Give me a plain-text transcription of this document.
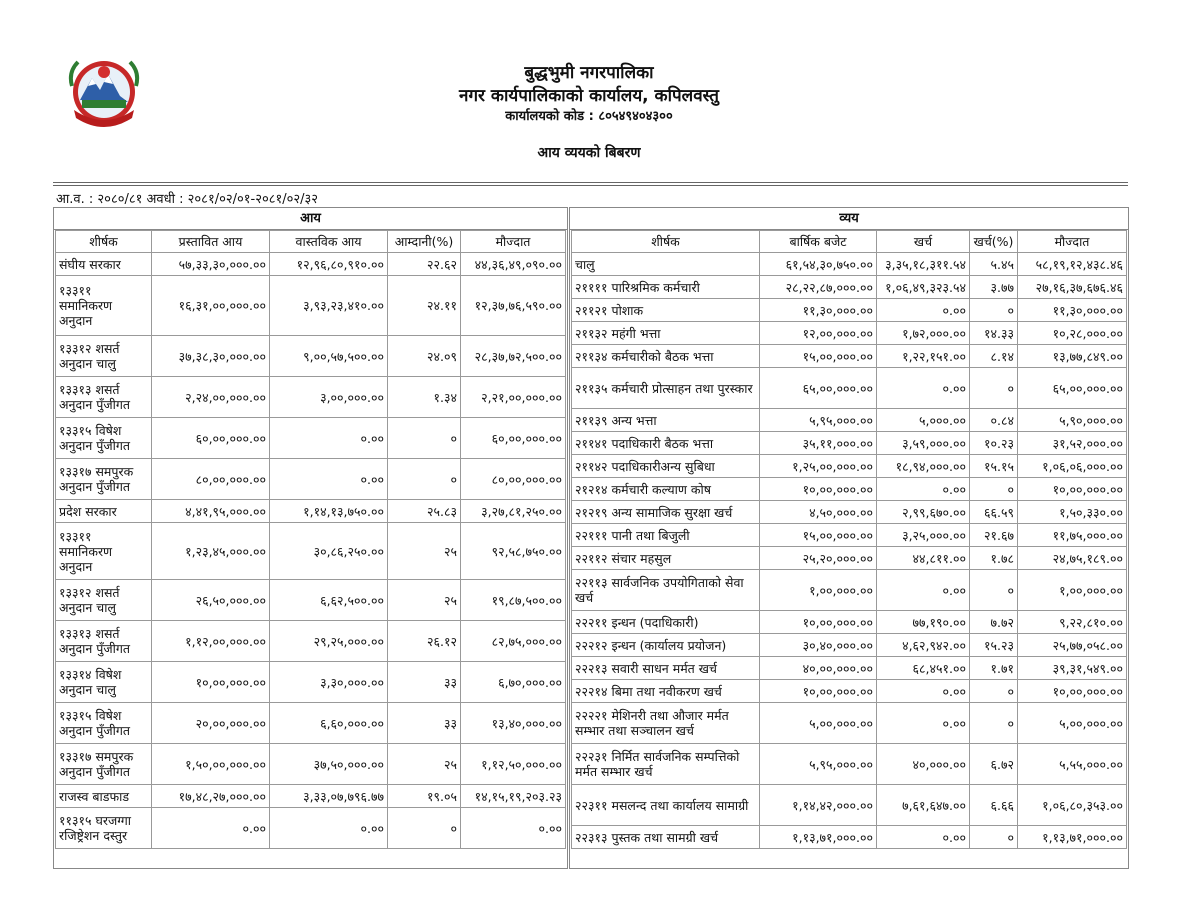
बुद्धभुमी नगरपालिका
नगर कार्यपालिकाको कार्यालय, कपिलवस्तु
कार्यालयको कोड : ८०५४९४०४३००
आय व्ययको बिबरण
आ.व. : २०८०/८१ अवधी : २०८१/०२/०१-२०८१/०२/३२
आय
शीर्षक	प्रस्तावित आय	वास्तविक आय	आम्दानी(%)	मौज्दात
संघीय सरकार	५७,३३,३०,०००.००	१२,९६,८०,९१०.००	२२.६२	४४,३६,४९,०९०.००
१३३११ समानिकरण अनुदान	१६,३१,००,०००.००	३,९३,२३,४१०.००	२४.११	१२,३७,७६,५९०.००
१३३१२ शसर्त अनुदान चालु	३७,३८,३०,०००.००	९,००,५७,५००.००	२४.०९	२८,३७,७२,५००.००
१३३१३ शसर्त अनुदान पुँजीगत	२,२४,००,०००.००	३,००,०००.००	१.३४	२,२१,००,०००.००
१३३१५ विषेश अनुदान पुँजीगत	६०,००,०००.००	०.००	०	६०,००,०००.००
१३३१७ समपुरक अनुदान पुँजीगत	८०,००,०००.००	०.००	०	८०,००,०००.००
प्रदेश सरकार	४,४१,९५,०००.००	१,१४,१३,७५०.००	२५.८३	३,२७,८१,२५०.००
१३३११ समानिकरण अनुदान	१,२३,४५,०००.००	३०,८६,२५०.००	२५	९२,५८,७५०.००
१३३१२ शसर्त अनुदान चालु	२६,५०,०००.००	६,६२,५००.००	२५	१९,८७,५००.००
१३३१३ शसर्त अनुदान पुँजीगत	१,१२,००,०००.००	२९,२५,०००.००	२६.१२	८२,७५,०००.००
१३३१४ विषेश अनुदान चालु	१०,००,०००.००	३,३०,०००.००	३३	६,७०,०००.००
१३३१५ विषेश अनुदान पुँजीगत	२०,००,०००.००	६,६०,०००.००	३३	१३,४०,०००.००
१३३१७ समपुरक अनुदान पुँजीगत	१,५०,००,०००.००	३७,५०,०००.००	२५	१,१२,५०,०००.००
राजस्व बाडफाड	१७,४८,२७,०००.००	३,३३,०७,७९६.७७	१९.०५	१४,१५,१९,२०३.२३
११३१५ घरजग्गा रजिष्ट्रेशन दस्तुर	०.००	०.००	०	०.००
व्यय
शीर्षक	बार्षिक बजेट	खर्च	खर्च(%)	मौज्दात
चालु	६१,५४,३०,७५०.००	३,३५,१८,३११.५४	५.४५	५८,१९,१२,४३८.४६
२११११ पारिश्रमिक कर्मचारी	२८,२२,८७,०००.००	१,०६,४९,३२३.५४	३.७७	२७,१६,३७,६७६.४६
२११२१ पोशाक	११,३०,०००.००	०.००	०	११,३०,०००.००
२११३२ महंगी भत्ता	१२,००,०००.००	१,७२,०००.००	१४.३३	१०,२८,०००.००
२११३४ कर्मचारीको बैठक भत्ता	१५,००,०००.००	१,२२,१५१.००	८.१४	१३,७७,८४९.००
२११३५ कर्मचारी प्रोत्साहन तथा पुरस्कार	६५,००,०००.००	०.००	०	६५,००,०००.००
२११३९ अन्य भत्ता	५,९५,०००.००	५,०००.००	०.८४	५,९०,०००.००
२११४१ पदाधिकारी बैठक भत्ता	३५,११,०००.००	३,५९,०००.००	१०.२३	३१,५२,०००.००
२११४२ पदाधिकारीअन्य सुबिधा	१,२५,००,०००.००	१८,९४,०००.००	१५.१५	१,०६,०६,०००.००
२१२१४ कर्मचारी कल्याण कोष	१०,००,०००.००	०.००	०	१०,००,०००.००
२१२१९ अन्य सामाजिक सुरक्षा खर्च	४,५०,०००.००	२,९९,६७०.००	६६.५९	१,५०,३३०.००
२२१११ पानी तथा बिजुली	१५,००,०००.००	३,२५,०००.००	२१.६७	११,७५,०००.००
२२११२ संचार महसुल	२५,२०,०००.००	४४,८११.००	१.७८	२४,७५,१८९.००
२२११३ सार्वजनिक उपयोगिताको सेवा खर्च	१,००,०००.००	०.००	०	१,००,०००.००
२२२११ इन्धन (पदाधिकारी)	१०,००,०००.००	७७,१९०.००	७.७२	९,२२,८१०.००
२२२१२ इन्धन (कार्यालय प्रयोजन)	३०,४०,०००.००	४,६२,९४२.००	१५.२३	२५,७७,०५८.००
२२२१३ सवारी साधन मर्मत खर्च	४०,००,०००.००	६८,४५१.००	१.७१	३९,३१,५४९.००
२२२१४ बिमा तथा नवीकरण खर्च	१०,००,०००.००	०.००	०	१०,००,०००.००
२२२२१ मेशिनरी तथा औजार मर्मत सम्भार तथा सञ्चालन खर्च	५,००,०००.००	०.००	०	५,००,०००.००
२२२३१ निर्मित सार्वजनिक सम्पत्तिको मर्मत सम्भार खर्च	५,९५,०००.००	४०,०००.००	६.७२	५,५५,०००.००
२२३११ मसलन्द तथा कार्यालय सामाग्री	१,१४,४२,०००.००	७,६१,६४७.००	६.६६	१,०६,८०,३५३.००
२२३१३ पुस्तक तथा सामग्री खर्च	१,१३,७१,०००.००	०.००	०	१,१३,७१,०००.००
